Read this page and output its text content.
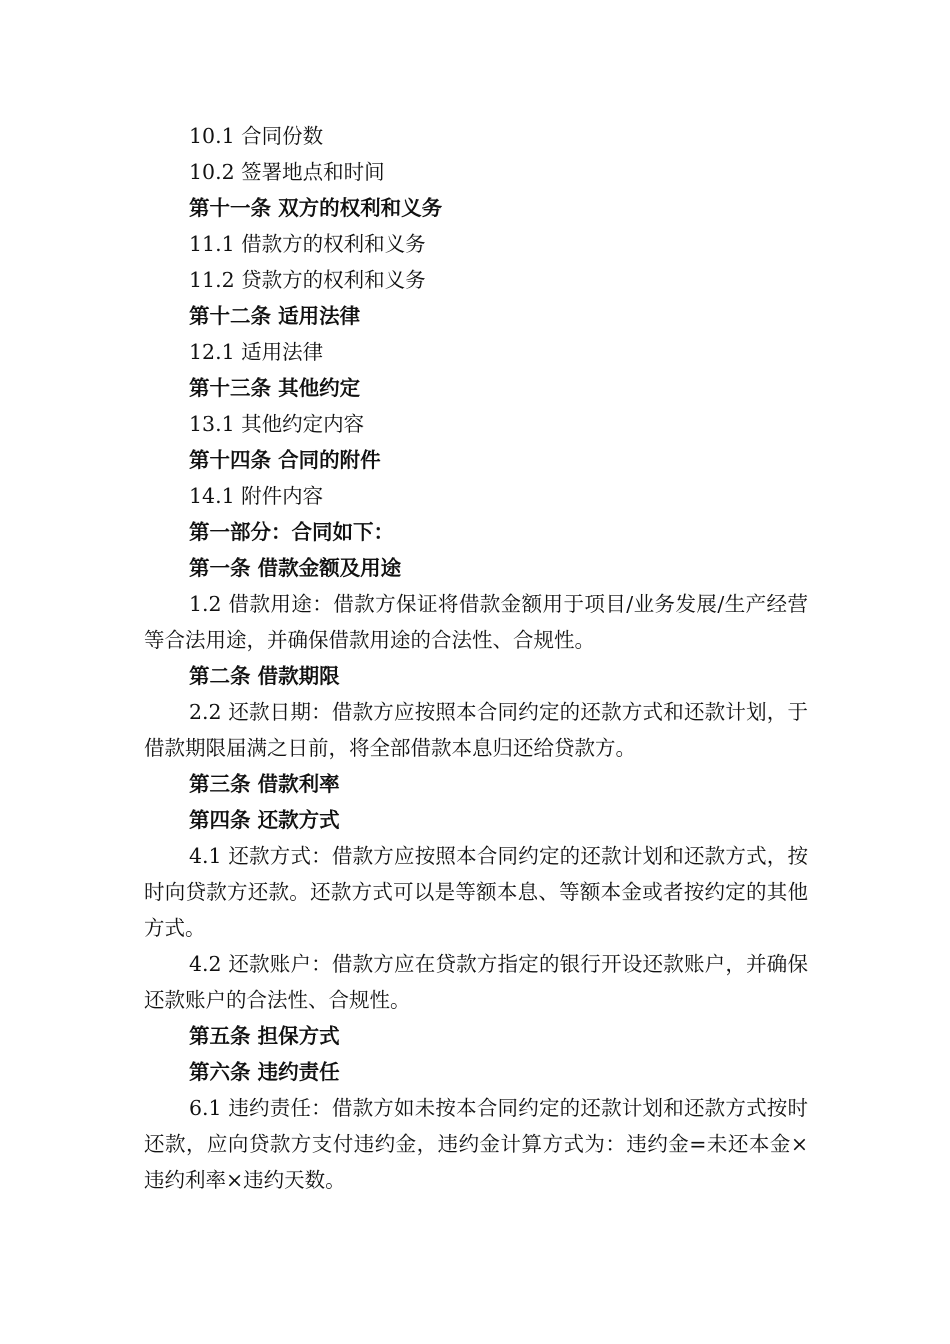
10.1 合同份数
10.2 签署地点和时间
第十一条 双方的权利和义务
11.1 借款方的权利和义务
11.2 贷款方的权利和义务
第十二条 适用法律
12.1 适用法律
第十三条 其他约定
13.1 其他约定内容
第十四条 合同的附件
14.1 附件内容
第一部分：合同如下：
第一条 借款金额及用途

1.2 借款用途：借款方保证将借款金额用于项目/业务发展/生产经营等合法用途，并确保借款用途的合法性、合规性。

第二条 借款期限

2.2 还款日期：借款方应按照本合同约定的还款方式和还款计划，于借款期限届满之日前，将全部借款本息归还给贷款方。

第三条 借款利率
第四条 还款方式

4.1 还款方式：借款方应按照本合同约定的还款计划和还款方式，按时向贷款方还款。还款方式可以是等额本息、等额本金或者按约定的其他方式。

4.2 还款账户：借款方应在贷款方指定的银行开设还款账户，并确保还款账户的合法性、合规性。

第五条 担保方式
第六条 违约责任

6.1 违约责任：借款方如未按本合同约定的还款计划和还款方式按时还款，应向贷款方支付违约金，违约金计算方式为：违约金=未还本金×违约利率×违约天数。
